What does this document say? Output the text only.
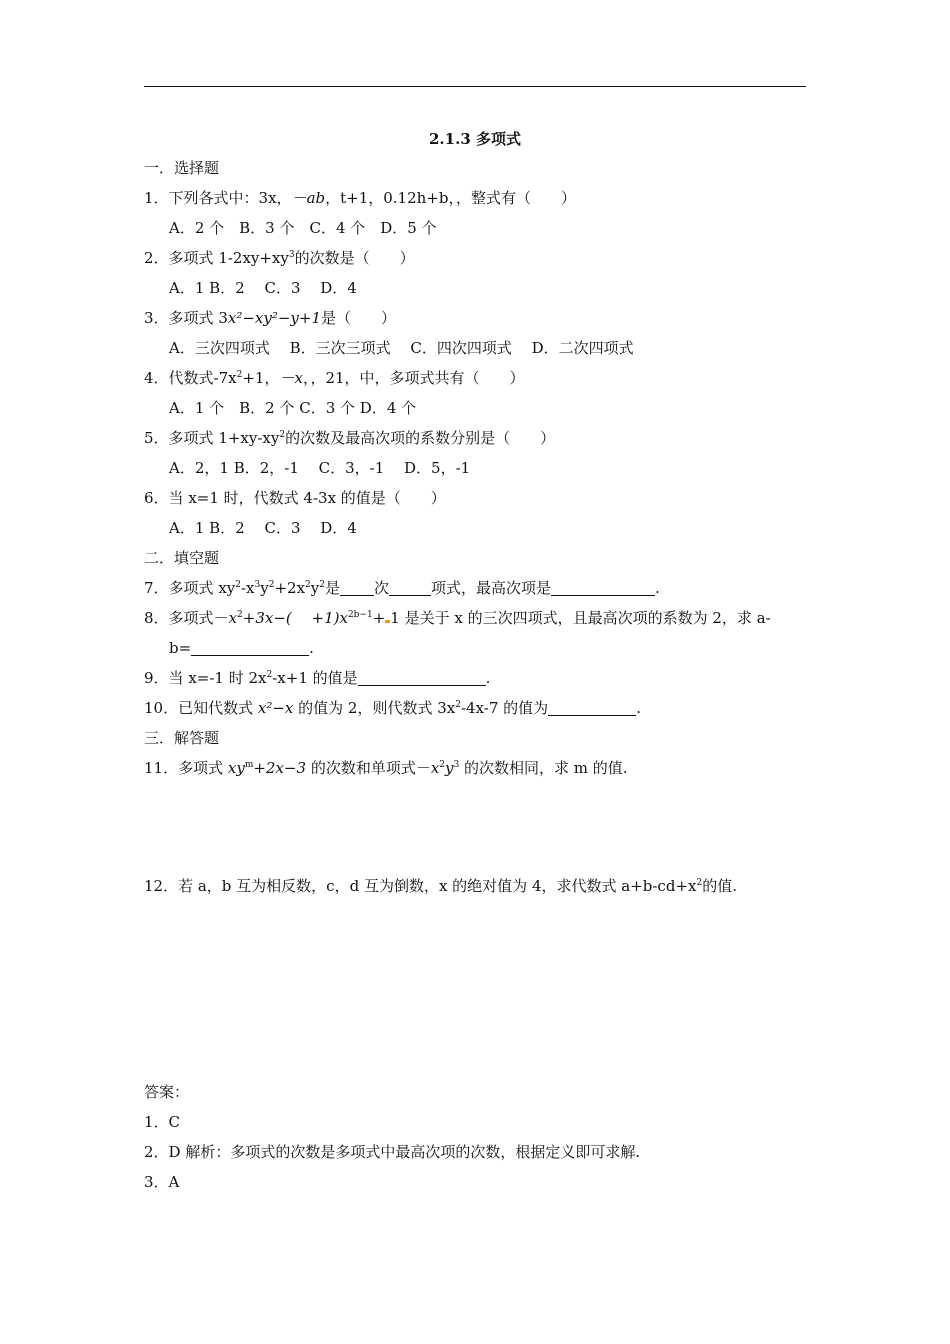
2.1.3 多项式
一．选择题
1．下列各式中：3x，－ab，t+1，0.12h+b，，整式有（　　）
A．2 个　B．3 个　C．4 个　D．5 个
2．多项式 $1-2xy+xy^3$的次数是（　　）
A．1 B．2　 C．3　 D．4
3．多项式 3x²−xy²−y+1是（　　）
A．三次四项式　 B．三次三项式　 C．四次四项式　 D．二次四项式
4．代数式$-7x^2+1$，－x，，21，中，多项式共有（　　）
A．1 个　B．2 个 C．3 个 D．4 个
5．多项式 $1+xy-xy^2$的次数及最高次项的系数分别是（　　）
A．2，1 B．2，-1　 C．3，-1　 D．5，-1
6．当 x=1 时，代数式 4-3x 的值是（　　）
A．1 B．2　 C．3　 D．4
二．填空题
7．多项式 $xy^2-x^3y^2+2x^2y^2$是 次	项式，最高次项是	.
8．多项式$-x^2+3x-$(　 $+1)x^{2b-1}+ 1$ 是关于 x 的三次四项式，且最高次项的系数为 2，求 a-
b=	.
9．当 x=-1 时 $2x^2-x+1$ 的值是	.
10．已知代数式 x²−x 的值为 2，则代数式 $3x^2-4x-7$ 的值为	.
三．解答题
11．多项式 $xy^m+2x-3$ 的次数和单项式$-x^2y^3$ 的次数相同，求 m 的值.
12．若 a，b 互为相反数，c，d 互为倒数，x 的绝对值为 4，求代数式 $a+b-cd+x^2$的值.
答案：
1．C
2．D 解析：多项式的次数是多项式中最高次项的次数，根据定义即可求解.
3．A
